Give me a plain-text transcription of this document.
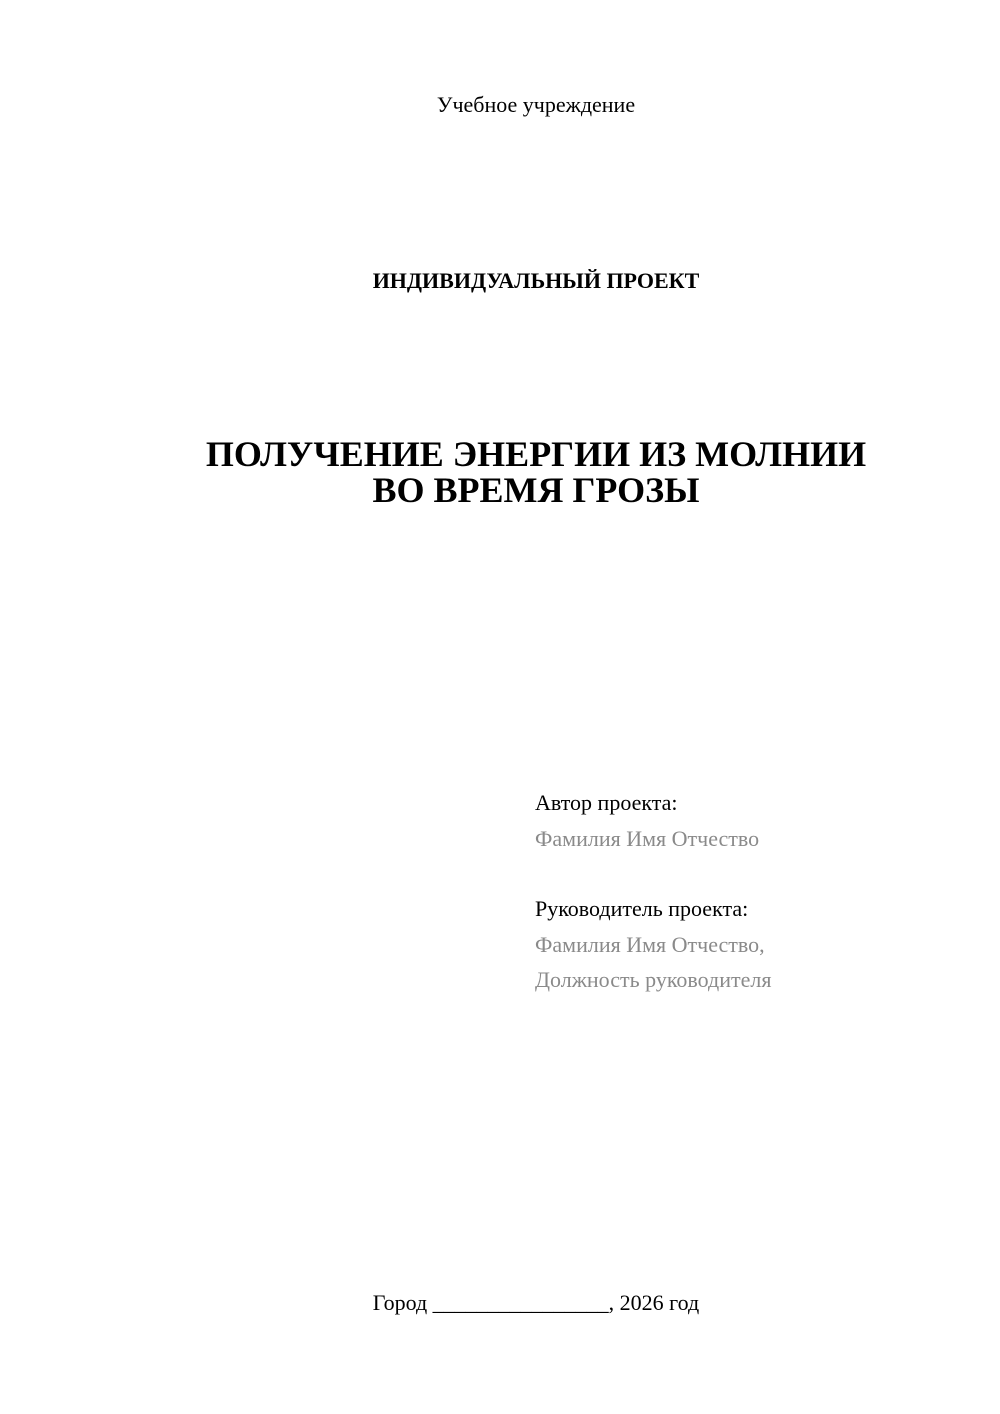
Учебное учреждение
ИНДИВИДУАЛЬНЫЙ ПРОЕКТ
ПОЛУЧЕНИЕ ЭНЕРГИИ ИЗ МОЛНИИ
ВО ВРЕМЯ ГРОЗЫ
Автор проекта:
Фамилия Имя Отчество
Руководитель проекта:
Фамилия Имя Отчество,
Должность руководителя
Город ________________, 2026 год
